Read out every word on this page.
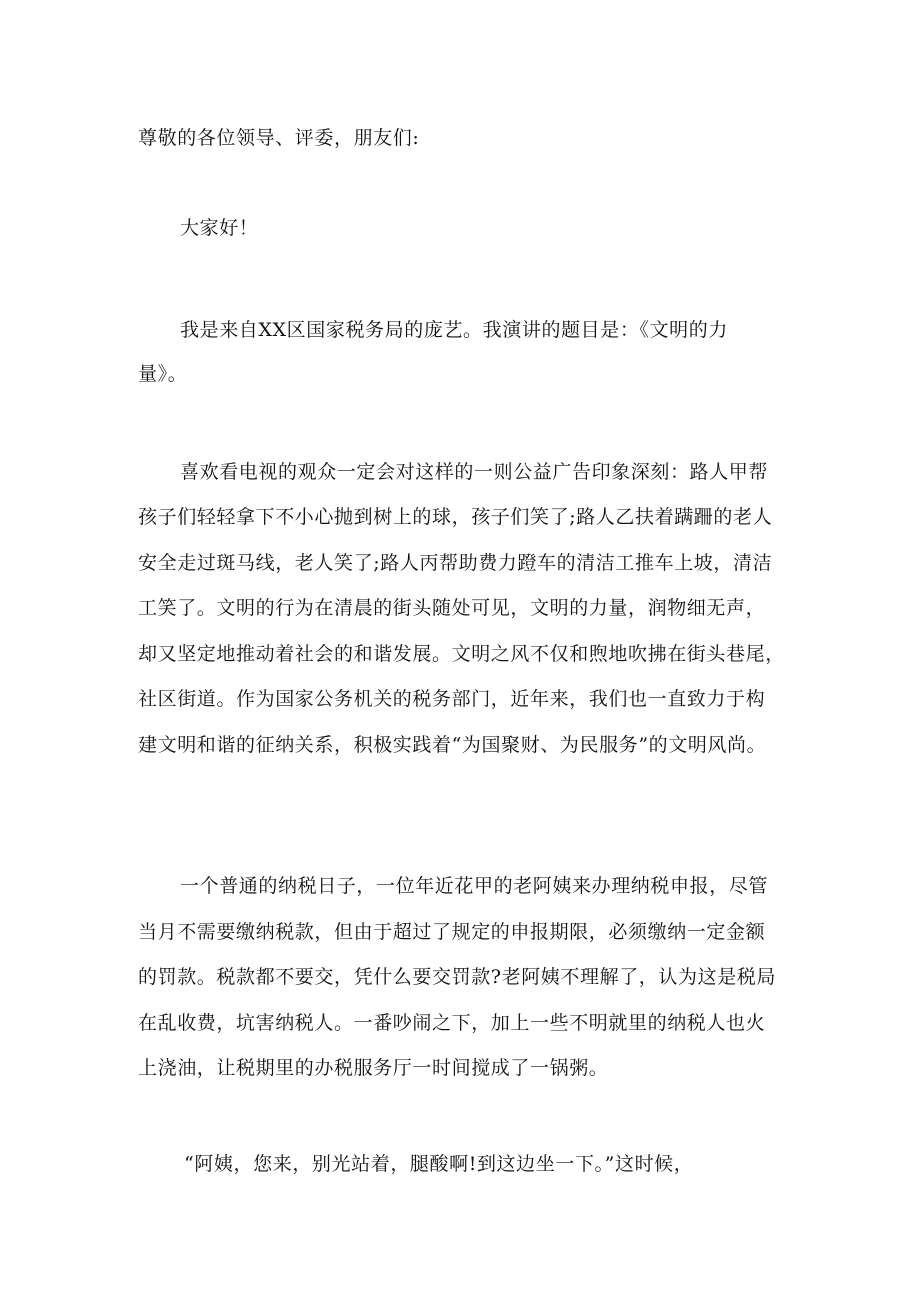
尊敬的各位领导、评委，朋友们:

大家好！

我是来自XX区国家税务局的庞艺。我演讲的题目是：《文明的力

量》。

喜欢看电视的观众一定会对这样的一则公益广告印象深刻：路人甲帮

孩子们轻轻拿下不小心抛到树上的球，孩子们笑了;路人乙扶着蹒跚的老人

安全走过斑马线，老人笑了;路人丙帮助费力蹬车的清洁工推车上坡，清洁

工笑了。文明的行为在清晨的街头随处可见，文明的力量，润物细无声，

却又坚定地推动着社会的和谐发展。文明之风不仅和煦地吹拂在街头巷尾，

社区街道。作为国家公务机关的税务部门，近年来，我们也一直致力于构

建文明和谐的征纳关系，积极实践着“为国聚财、为民服务”的文明风尚。

一个普通的纳税日子，一位年近花甲的老阿姨来办理纳税申报，尽管

当月不需要缴纳税款，但由于超过了规定的申报期限，必须缴纳一定金额

的罚款。税款都不要交，凭什么要交罚款?老阿姨不理解了，认为这是税局

在乱收费，坑害纳税人。一番吵闹之下，加上一些不明就里的纳税人也火

上浇油，让税期里的办税服务厅一时间搅成了一锅粥。

“阿姨，您来，别光站着，腿酸啊!到这边坐一下。”这时候，
